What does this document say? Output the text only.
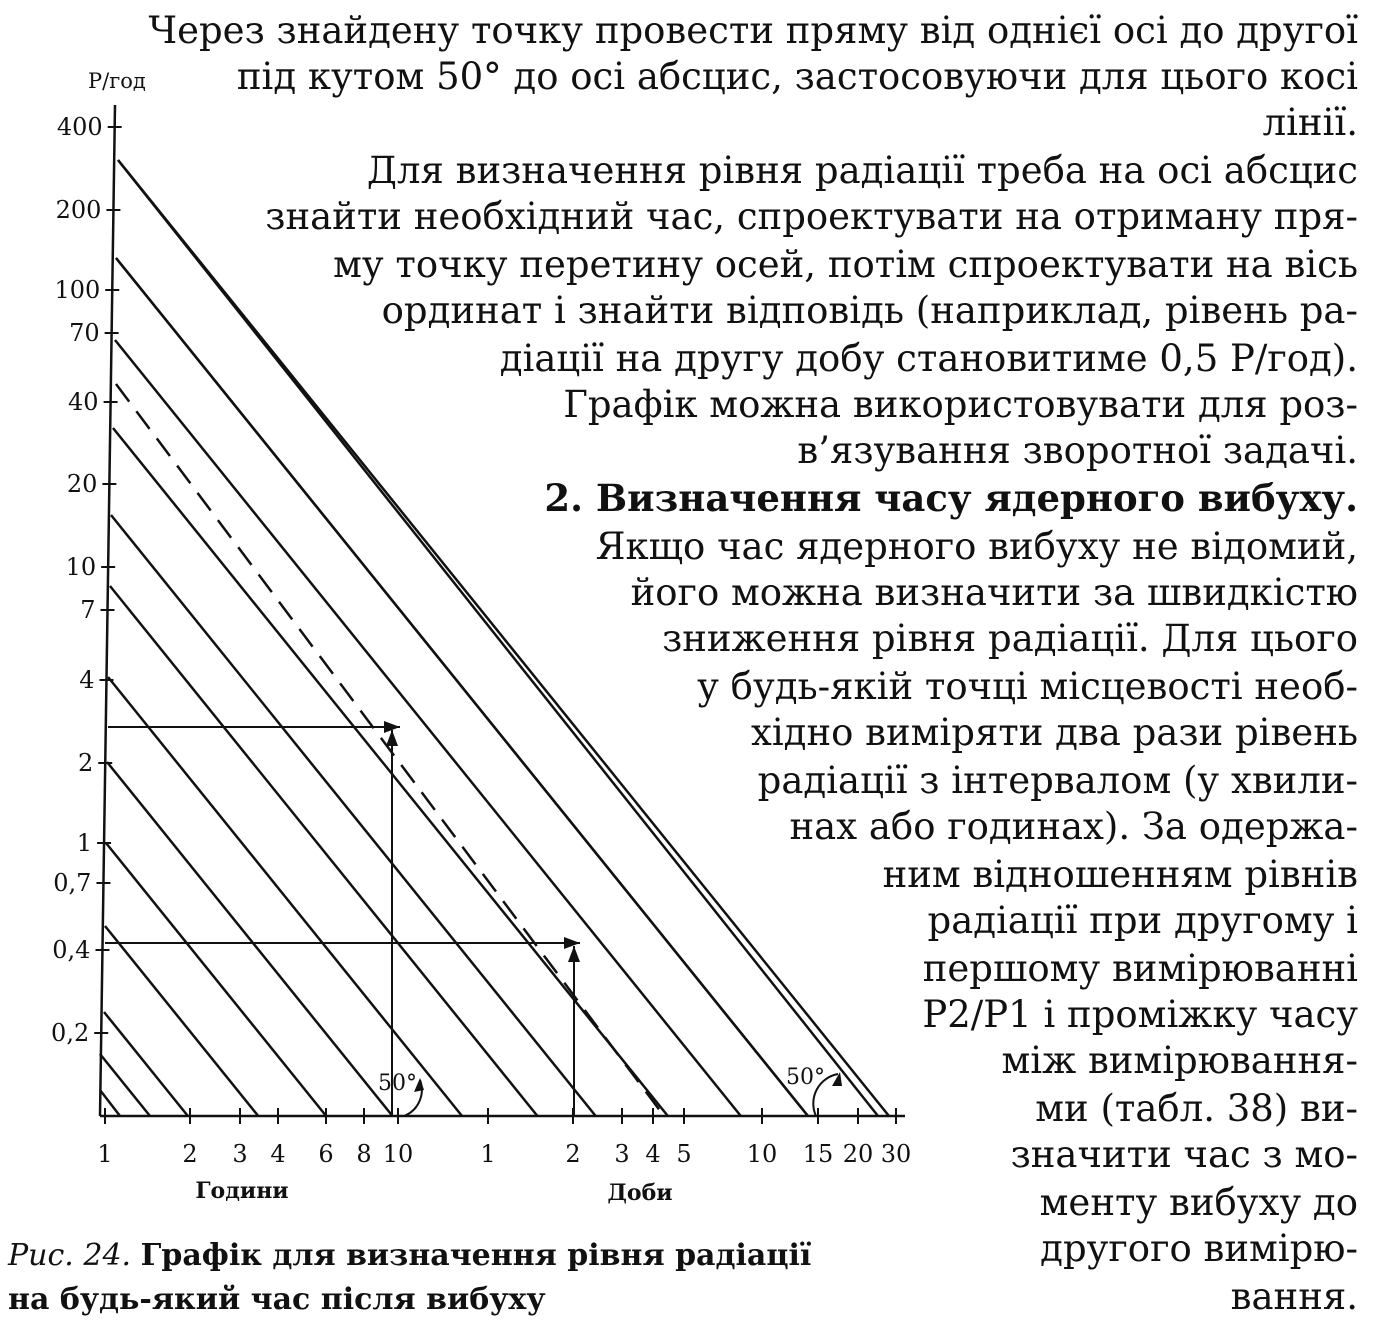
Через знайдену точку провести пряму від однієї осі до другої
під кутом 50° до осі абсцис, застосовуючи для цього косі
лінії.
Для визначення рівня радіації треба на осі абсцис
знайти необхідний час, спроектувати на отриману пря-
му точку перетину осей, потім спроектувати на вісь
ординат і знайти відповідь (наприклад, рівень ра-
діації на другу добу становитиме 0,5 Р/год).
Графік можна використовувати для роз-
в’язування зворотної задачі.
2. Визначення часу ядерного вибуху.
Якщо час ядерного вибуху не відомий,
його можна визначити за швидкістю
зниження рівня радіації. Для цього
у будь-якій точці місцевості необ-
хідно виміряти два рази рівень
радіації з інтервалом (у хвили-
нах або годинах). За одержа-
ним відношенням рівнів
радіації при другому і
першому вимірюванні
P2/P1 і проміжку часу
між вимірювання-
ми (табл. 38) ви-
значити час з мо-
менту вибуху до
другого вимірю-
вання.
400
200
100
70
40
20
10
7
4
2
1
0,7
0,4
0,2
Р/год
1	2 3 4 6 8 10	1	2 3 4 5 10 15 20 30
Години	Доби
50°	50°
Рис. 24. Графік для визначення рівня радіації
на будь-який час після вибуху
